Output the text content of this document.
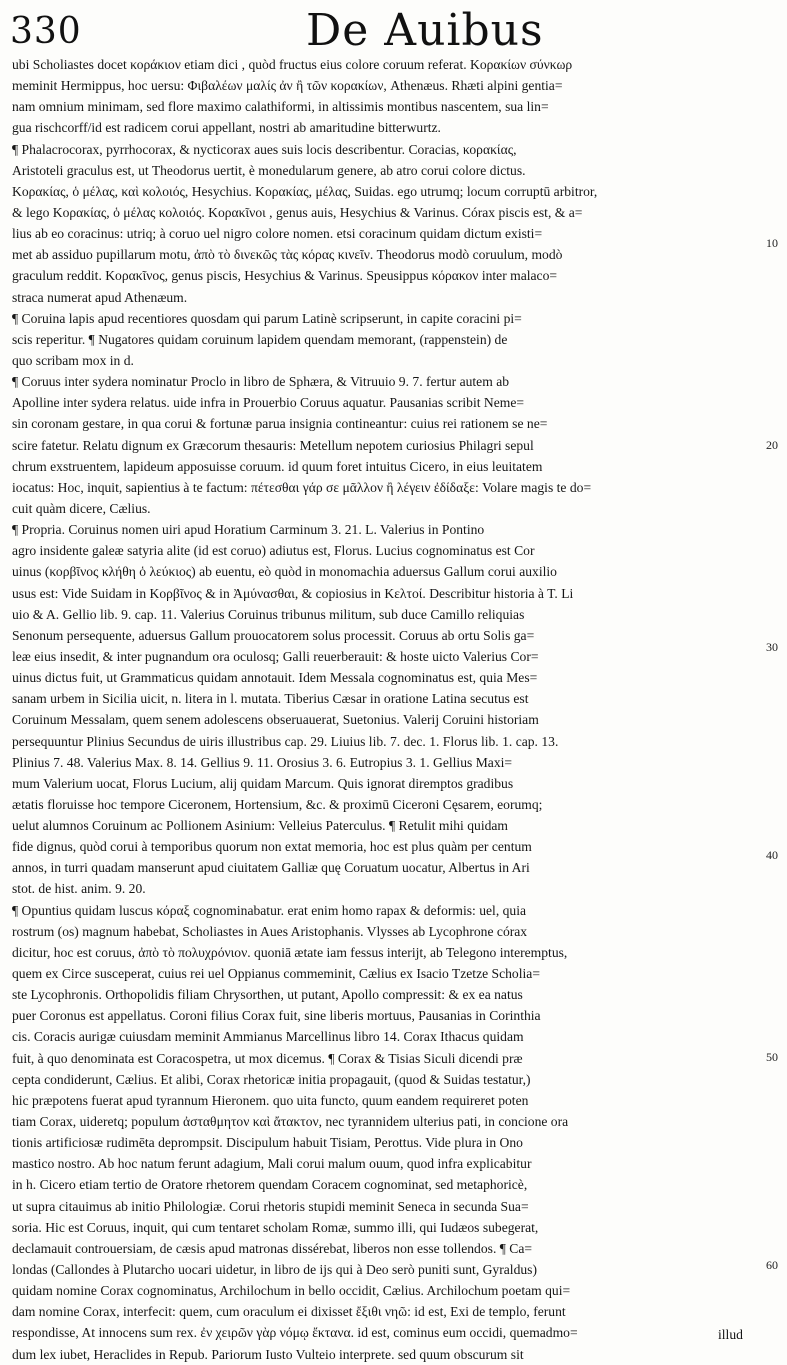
330	De Auibus
ubi Scholiastes docet κοράκιον etiam dici , quòd fructus eius colore coruum referat. Κορακίων σύνκωρ
meminit Hermippus, hoc uersu: Φιβαλέων μαλίς ἀν ἢ τῶν κορακίων, Athenæus. Rhæti alpini gentia=
nam omnium minimam, sed flore maximo calathiformi, in altissimis montibus nascentem, sua lin=
gua rischcorff/id est radicem corui appellant, nostri ab amaritudine bitterwurtz.
¶ Phalacrocorax, pyrrhocorax, & nycticorax aues suis locis describentur. Coracias, κορακίας,
Aristoteli graculus est, ut Theodorus uertit, è monedularum genere, ab atro corui colore dictus.
Κορακίας, ὁ μέλας, καὶ κολοιός, Hesychius. Κορακίας, μέλας, Suidas. ego utrumq; locum corruptū arbitror,
& lego Κορακίας, ὁ μέλας κολοιός. Κορακῖνοι , genus auis, Hesychius & Varinus. Córax piscis est, & a=
lius ab eo coracinus: utriq; à coruo uel nigro colore nomen. etsi coracinum quidam dictum existi=
met ab assiduo pupillarum motu, ἀπὸ τὸ δινεκῶς τὰς κόρας κινεῖν. Theodorus modò coruulum, modò
graculum reddit. Κορακῖνος, genus piscis, Hesychius & Varinus. Speusippus κόρακον inter malaco=
straca numerat apud Athenæum.
¶ Coruina lapis apud recentiores quosdam qui parum Latinè scripserunt, in capite coracini pi=
scis reperitur. ¶ Nugatores quidam coruinum lapidem quendam memorant, (rappenstein) de
quo scribam mox in d.
¶ Coruus inter sydera nominatur Proclo in libro de Sphæra, & Vitruuio 9. 7. fertur autem ab
Apolline inter sydera relatus. uide infra in Prouerbio Coruus aquatur. Pausanias scribit Neme=
sin coronam gestare, in qua corui & fortunæ parua insignia contineantur: cuius rei rationem se ne=
scire fatetur. Relatu dignum ex Græcorum thesauris: Metellum nepotem curiosius Philagri sepul
chrum exstruentem, lapideum apposuisse coruum. id quum foret intuitus Cicero, in eius leuitatem
iocatus: Hoc, inquit, sapientius à te factum: πέτεσθαι γάρ σε μᾶλλον ἢ λέγειν ἐδίδαξε: Volare magis te do=
cuit quàm dicere, Cælius.
¶ Propria. Coruinus nomen uiri apud Horatium Carminum 3. 21. L. Valerius in Pontino
agro insidente galeæ satyria alite (id est coruo) adiutus est, Florus. Lucius cognominatus est Cor
uinus (κορβῖνος κλήθη ὁ λεύκιος) ab euentu, eò quòd in monomachia aduersus Gallum corui auxilio
usus est: Vide Suidam in Κορβῖνος & in Ἀμύνασθαι, & copiosius in Κελτοί. Describitur historia à T. Li
uio & A. Gellio lib. 9. cap. 11. Valerius Coruinus tribunus militum, sub duce Camillo reliquias
Senonum persequente, aduersus Gallum prouocatorem solus processit. Coruus ab ortu Solis ga=
leæ eius insedit, & inter pugnandum ora oculosq; Galli reuerberauit: & hoste uicto Valerius Cor=
uinus dictus fuit, ut Grammaticus quidam annotauit. Idem Messala cognominatus est, quia Mes=
sanam urbem in Sicilia uicit, n. litera in l. mutata. Tiberius Cæsar in oratione Latina secutus est
Coruinum Messalam, quem senem adolescens obseruauerat, Suetonius. Valerij Coruini historiam
persequuntur Plinius Secundus de uiris illustribus cap. 29. Liuius lib. 7. dec. 1. Florus lib. 1. cap. 13.
Plinius 7. 48. Valerius Max. 8. 14. Gellius 9. 11. Orosius 3. 6. Eutropius 3. 1. Gellius Maxi=
mum Valerium uocat, Florus Lucium, alij quidam Marcum. Quis ignorat diremptos gradibus
ætatis floruisse hoc tempore Ciceronem, Hortensium, &c. & proximū Ciceroni Cęsarem, eorumq;
uelut alumnos Coruinum ac Pollionem Asinium: Velleius Paterculus. ¶ Retulit mihi quidam
fide dignus, quòd corui à temporibus quorum non extat memoria, hoc est plus quàm per centum
annos, in turri quadam manserunt apud ciuitatem Galliæ quę Coruatum uocatur, Albertus in Ari
stot. de hist. anim. 9. 20.
¶ Opuntius quidam luscus κόραξ cognominabatur. erat enim homo rapax & deformis: uel, quia
rostrum (os) magnum habebat, Scholiastes in Aues Aristophanis. Vlysses ab Lycophrone córax
dicitur, hoc est coruus, ἀπὸ τὸ πολυχρόνιον. quoniā ætate iam fessus interijt, ab Telegono interemptus,
quem ex Circe susceperat, cuius rei uel Oppianus commeminit, Cælius ex Isacio Tzetze Scholia=
ste Lycophronis. Orthopolidis filiam Chrysorthen, ut putant, Apollo compressit: & ex ea natus
puer Coronus est appellatus. Coroni filius Corax fuit, sine liberis mortuus, Pausanias in Corinthia
cis. Coracis aurigæ cuiusdam meminit Ammianus Marcellinus libro 14. Corax Ithacus quidam
fuit, à quo denominata est Coracospetra, ut mox dicemus. ¶ Corax & Tisias Siculi dicendi præ
cepta condiderunt, Cælius. Et alibi, Corax rhetoricæ initia propagauit, (quod & Suidas testatur,)
hic præpotens fuerat apud tyrannum Hieronem. quo uita functo, quum eandem requireret poten
tiam Corax, uideretq; populum ἀσταθμητον καὶ ἄτακτον, nec tyrannidem ulterius pati, in concione ora
tionis artificiosæ rudimēta deprompsit. Discipulum habuit Tisiam, Perottus. Vide plura in Ono
mastico nostro. Ab hoc natum ferunt adagium, Mali corui malum ouum, quod infra explicabitur
in h. Cicero etiam tertio de Oratore rhetorem quendam Coracem cognominat, sed metaphoricè,
ut supra citauimus ab initio Philologiæ. Corui rhetoris stupidi meminit Seneca in secunda Sua=
soria. Hic est Coruus, inquit, qui cum tentaret scholam Romæ, summo illi, qui Iudæos subegerat,
declamauit controuersiam, de cæsis apud matronas dissérebat, liberos non esse tollendos. ¶ Ca=
londas (Callondes à Plutarcho uocari uidetur, in libro de ijs qui à Deo serò puniti sunt, Gyraldus)
quidam nomine Corax cognominatus, Archilochum in bello occidit, Cælius. Archilochum poetam qui=
dam nomine Corax, interfecit: quem, cum oraculum ei dixisset ἔξιθι νηῶ: id est, Exi de templo, ferunt
respondisse, At innocens sum rex. ἐν χειρῶν γὰρ νόμῳ ἔκτανα. id est, cominus eum occidi, quemadmo=
dum lex iubet, Heraclides in Repub. Pariorum Iusto Vulteio interprete. sed quum obscurum sit
10
20
30
40
50
60
illud
